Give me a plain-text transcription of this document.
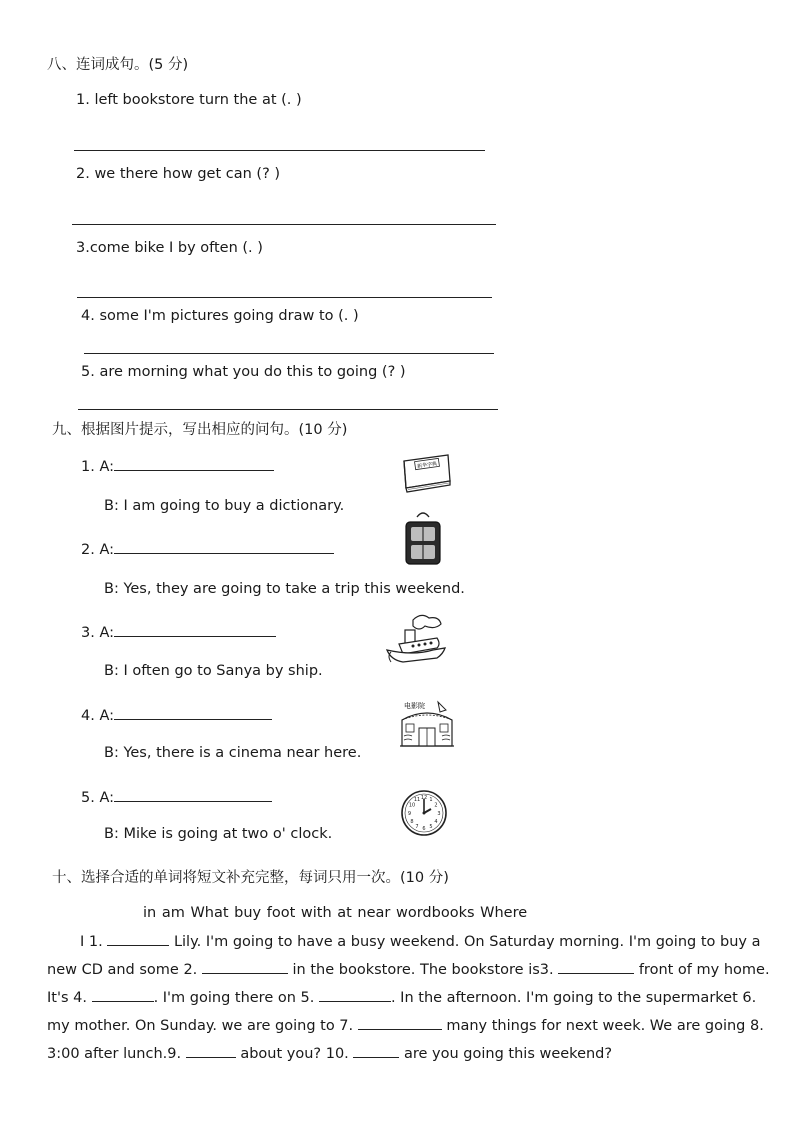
八、连词成句。(5 分)
1. left bookstore turn the at (. )
2. we there how get can (? )
3.come bike I by often (. )
4. some I'm pictures going draw to (. )
5. are morning what you do this to going (? )
九、根据图片提示，写出相应的问句。(10 分)
1. A:
B: I am going to buy a dictionary.
新华字典
2. A:
B: Yes, they are going to take a trip this weekend.
3. A:
B: I often go to Sanya by ship.
4. A:
B: Yes, there is a cinema near here.
电影院
5. A:
B: Mike is going at two o' clock.
12 1
2
3
4
5
6
7
8
9
10
11
十、选择合适的单词将短文补充完整，每词只用一次。(10 分)
in am What buy foot with at near wordbooks Where
I 1.	Lily. I'm going to have a busy weekend. On Saturday morning. I'm going to buy a
new CD and some 2.	in the bookstore. The bookstore is3.	front of my home.
It's 4.	. I'm going there on 5.	. In the afternoon. I'm going to the supermarket 6.
my mother. On Sunday. we are going to 7.	many things for next week. We are going 8.
3:00 after lunch.9.	about you? 10.	are you going this weekend?
